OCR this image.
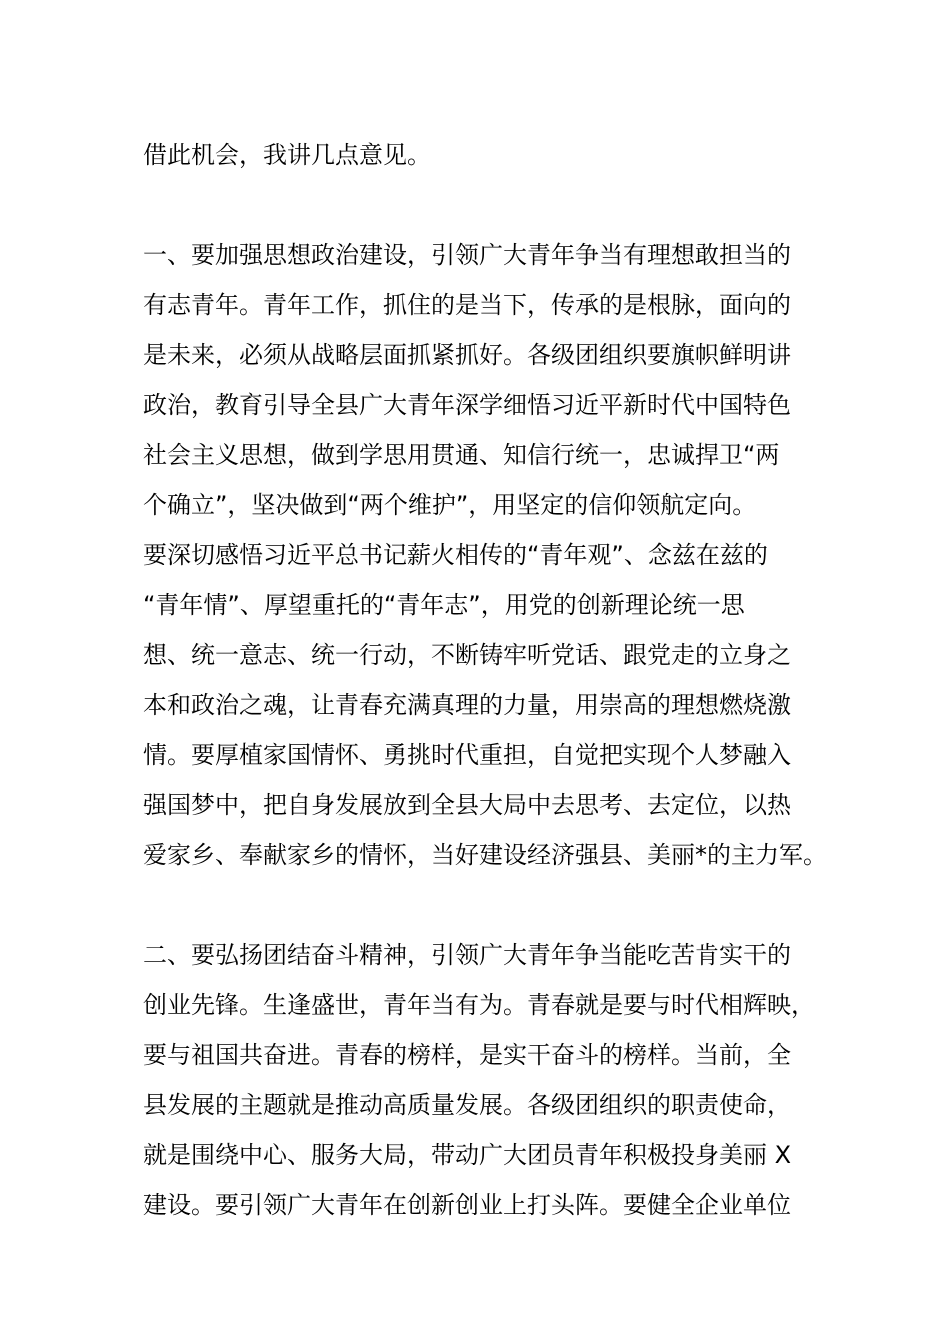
借此机会，我讲几点意见。

一、要加强思想政治建设，引领广大青年争当有理想敢担当的
有志青年。青年工作，抓住的是当下，传承的是根脉，面向的
是未来，必须从战略层面抓紧抓好。各级团组织要旗帜鲜明讲
政治，教育引导全县广大青年深学细悟习近平新时代中国特色
社会主义思想，做到学思用贯通、知信行统一，忠诚捍卫“两
个确立”，坚决做到“两个维护”，用坚定的信仰领航定向。
要深切感悟习近平总书记薪火相传的“青年观”、念兹在兹的
“青年情”、厚望重托的“青年志”，用党的创新理论统一思
想、统一意志、统一行动，不断铸牢听党话、跟党走的立身之
本和政治之魂，让青春充满真理的力量，用崇高的理想燃烧激
情。要厚植家国情怀、勇挑时代重担，自觉把实现个人梦融入
强国梦中，把自身发展放到全县大局中去思考、去定位，以热
爱家乡、奉献家乡的情怀，当好建设经济强县、美丽*的主力军。

二、要弘扬团结奋斗精神，引领广大青年争当能吃苦肯实干的
创业先锋。生逢盛世，青年当有为。青春就是要与时代相辉映，
要与祖国共奋进。青春的榜样，是实干奋斗的榜样。当前，全
县发展的主题就是推动高质量发展。各级团组织的职责使命，
就是围绕中心、服务大局，带动广大团员青年积极投身美丽 X
建设。要引领广大青年在创新创业上打头阵。要健全企业单位
